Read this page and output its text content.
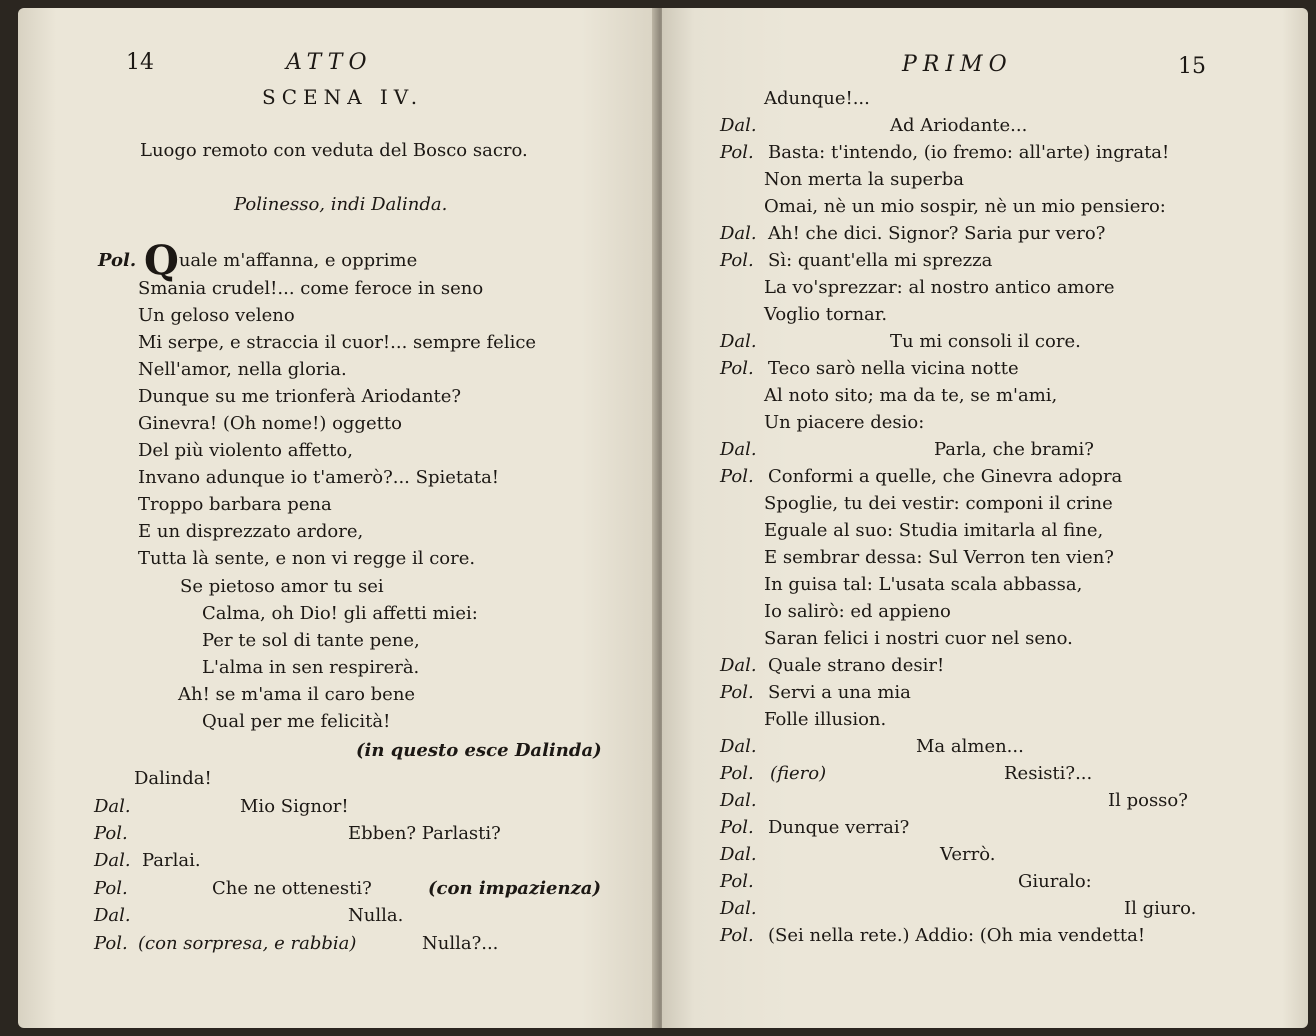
14	ATTO
SCENA IV.
Luogo remoto con veduta del Bosco sacro.
Polinesso, indi Dalinda.
Pol. Quale m'affanna, e opprime
Smania crudel!... come feroce in seno
Un geloso veleno
Mi serpe, e straccia il cuor!... sempre felice
Nell'amor, nella gloria.
Dunque su me trionferà Ariodante?
Ginevra! (Oh nome!) oggetto
Del più violento affetto,
Invano adunque io t'amerò?... Spietata!
Troppo barbara pena
E un disprezzato ardore,
Tutta là sente, e non vi regge il core.
Se pietoso amor tu sei
Calma, oh Dio! gli affetti miei:
Per te sol di tante pene,
L'alma in sen respirerà.
Ah! se m'ama il caro bene
Qual per me felicità!
(in questo esce Dalinda)
Dalinda!
Dal.	Mio Signor!
Pol.	Ebben? Parlasti?
Dal. Parlai.
Pol.	Che ne ottenesti?	(con impazienza)
Dal.	Nulla.
Pol. (con sorpresa, e rabbia)	Nulla?...
PRIMO	15
Adunque!...
Dal.	Ad Ariodante...
Pol. Basta: t'intendo, (io fremo: all'arte) ingrata!
Non merta la superba
Omai, nè un mio sospir, nè un mio pensiero:
Dal. Ah! che dici. Signor? Saria pur vero?
Pol. Sì: quant'ella mi sprezza
La vo'sprezzar: al nostro antico amore
Voglio tornar.
Dal.	Tu mi consoli il core.
Pol. Teco sarò nella vicina notte
Al noto sito; ma da te, se m'ami,
Un piacere desio:
Dal.	Parla, che brami?
Pol. Conformi a quelle, che Ginevra adopra
Spoglie, tu dei vestir: componi il crine
Eguale al suo: Studia imitarla al fine,
E sembrar dessa: Sul Verron ten vien?
In guisa tal: L'usata scala abbassa,
Io salirò: ed appieno
Saran felici i nostri cuor nel seno.
Dal. Quale strano desir!
Pol. Servi a una mia
Folle illusion.
Dal.	Ma almen...
Pol. (fiero)	Resisti?...
Dal.	Il posso?
Pol. Dunque verrai?
Dal.	Verrò.
Pol.	Giuralo:
Dal.	Il giuro.
Pol. (Sei nella rete.) Addio: (Oh mia vendetta!
